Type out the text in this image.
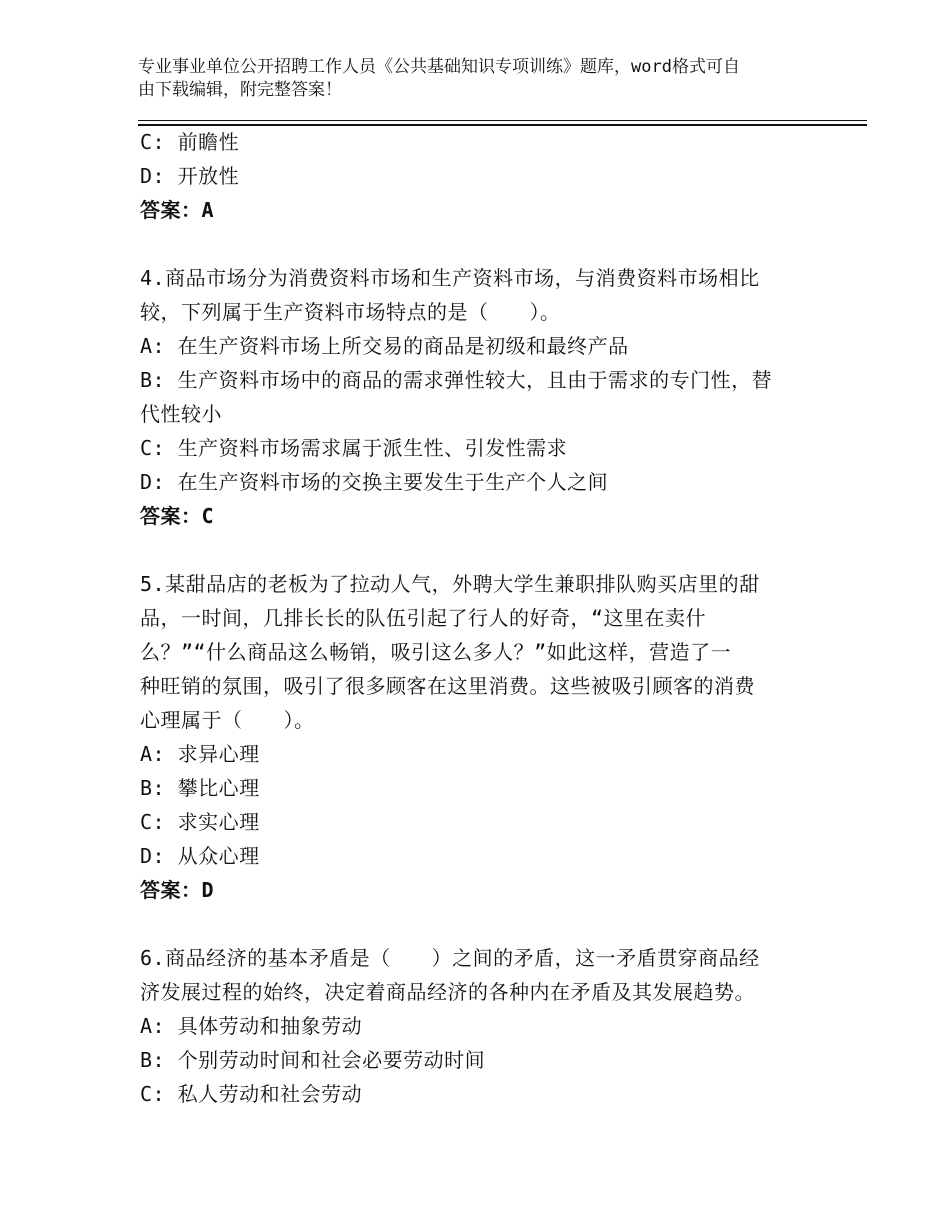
专业事业单位公开招聘工作人员《公共基础知识专项训练》题库，word格式可自
由下载编辑，附完整答案！
C: 前瞻性
D: 开放性
答案：A
4.商品市场分为消费资料市场和生产资料市场，与消费资料市场相比
较，下列属于生产资料市场特点的是（　　）。
A: 在生产资料市场上所交易的商品是初级和最终产品
B: 生产资料市场中的商品的需求弹性较大，且由于需求的专门性，替
代性较小
C: 生产资料市场需求属于派生性、引发性需求
D: 在生产资料市场的交换主要发生于生产个人之间
答案：C
5.某甜品店的老板为了拉动人气，外聘大学生兼职排队购买店里的甜
品，一时间，几排长长的队伍引起了行人的好奇，“这里在卖什
么？”“什么商品这么畅销，吸引这么多人？”如此这样，营造了一
种旺销的氛围，吸引了很多顾客在这里消费。这些被吸引顾客的消费
心理属于（　　）。
A: 求异心理
B: 攀比心理
C: 求实心理
D: 从众心理
答案：D
6.商品经济的基本矛盾是（　　）之间的矛盾，这一矛盾贯穿商品经
济发展过程的始终，决定着商品经济的各种内在矛盾及其发展趋势。
A: 具体劳动和抽象劳动
B: 个别劳动时间和社会必要劳动时间
C: 私人劳动和社会劳动
